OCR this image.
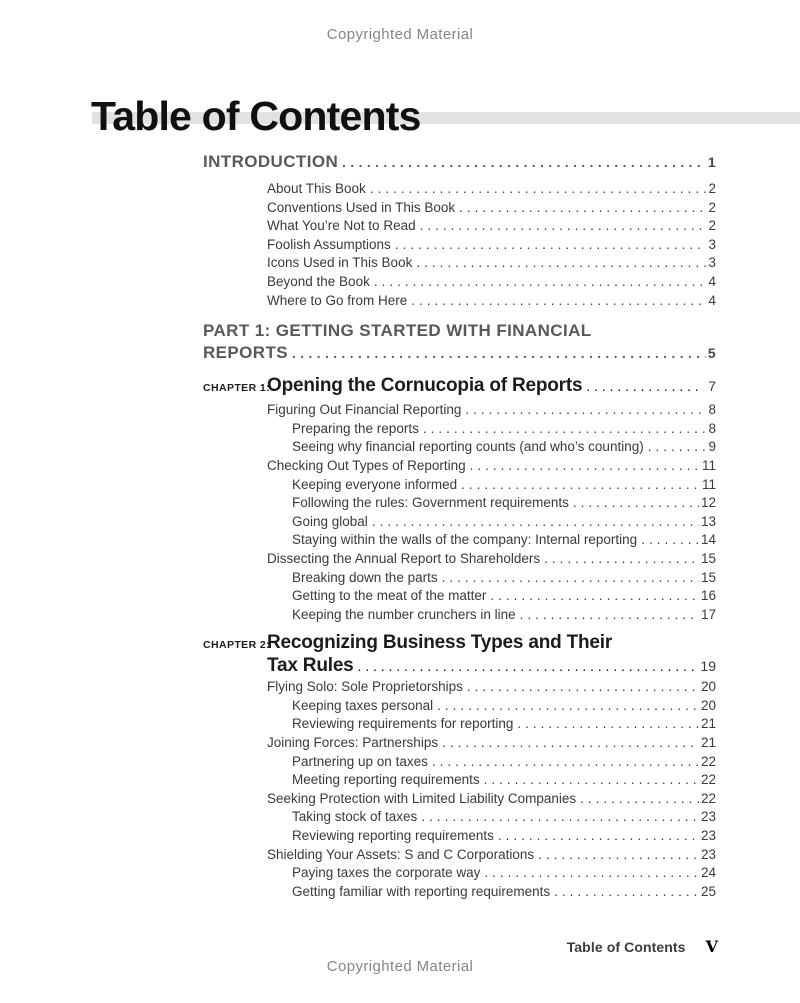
Copyrighted Material
Table of Contents
INTRODUCTION .....	1
About This Book .....	2
Conventions Used in This Book .....	2
What You’re Not to Read .....	2
Foolish Assumptions .....	3
Icons Used in This Book .....	3
Beyond the Book .....	4
Where to Go from Here .....	4
PART 1: GETTING STARTED WITH FINANCIAL
REPORTS .....	5
CHAPTER 1:
Opening the Cornucopia of Reports .....	7
Figuring Out Financial Reporting .....	8
Preparing the reports .....	8
Seeing why financial reporting counts (and who’s counting) .....	9
Checking Out Types of Reporting .....	11
Keeping everyone informed .....	11
Following the rules: Government requirements .....	12
Going global .....	13
Staying within the walls of the company: Internal reporting .....	14
Dissecting the Annual Report to Shareholders .....	15
Breaking down the parts .....	15
Getting to the meat of the matter .....	16
Keeping the number crunchers in line .....	17
CHAPTER 2:
Recognizing Business Types and Their
Tax Rules .....	19
Flying Solo: Sole Proprietorships .....	20
Keeping taxes personal .....	20
Reviewing requirements for reporting .....	21
Joining Forces: Partnerships .....	21
Partnering up on taxes .....	22
Meeting reporting requirements .....	22
Seeking Protection with Limited Liability Companies .....	22
Taking stock of taxes .....	23
Reviewing reporting requirements .....	23
Shielding Your Assets: S and C Corporations .....	23
Paying taxes the corporate way .....	24
Getting familiar with reporting requirements .....	25
Table of Contents V
Copyrighted Material
